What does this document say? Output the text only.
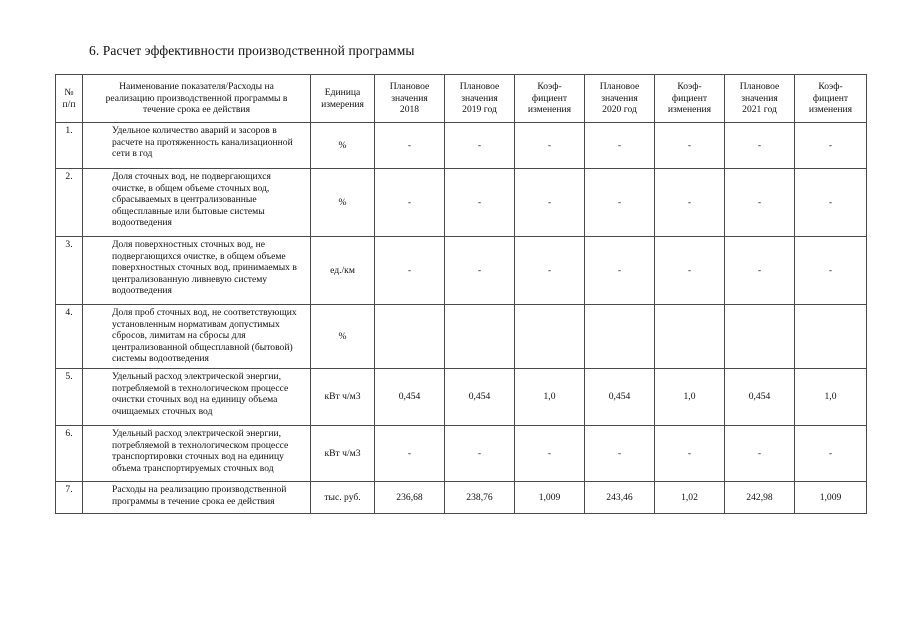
6. Расчет эффективности производственной программы
№
п/п	Наименование показателя/Расходы на
реализацию производственной программы в
течение срока ее действия	Единица
измерения	Плановое
значения
2018	Плановое
значения
2019 год	Коэф-
фициент
изменения	Плановое
значения
2020 год	Коэф-
фициент
изменения	Плановое
значения
2021 год	Коэф-
фициент
изменения
1.	Удельное количество аварий и засоров в
расчете на протяженность канализационной
сети в год	%	-	-	-	-	-	-	-
2.	Доля сточных вод, не подвергающихся
очистке, в общем объеме сточных вод,
сбрасываемых в централизованные
общесплавные или бытовые системы
водоотведения	%	-	-	-	-	-	-	-
3.	Доля поверхностных сточных вод, не
подвергающихся очистке, в общем объеме
поверхностных сточных вод, принимаемых в
централизованную ливневую систему
водоотведения	ед./км	-	-	-	-	-	-	-
4.	Доля проб сточных вод, не соответствующих
установленным нормативам допустимых
сбросов, лимитам на сбросы для
централизованной общесплавной (бытовой)
системы водоотведения	%							
5.	Удельный расход электрической энергии,
потребляемой в технологическом процессе
очистки сточных вод на единицу объема
очищаемых сточных вод	кВт ч/м3	0,454	0,454	1,0	0,454	1,0	0,454	1,0
6.	Удельный расход электрической энергии,
потребляемой в технологическом процессе
транспортировки сточных вод на единицу
объема транспортируемых сточных вод	кВт ч/м3	-	-	-	-	-	-	-
7.	Расходы на реализацию производственной
программы в течение срока ее действия	тыс. руб.	236,68	238,76	1,009	243,46	1,02	242,98	1,009
